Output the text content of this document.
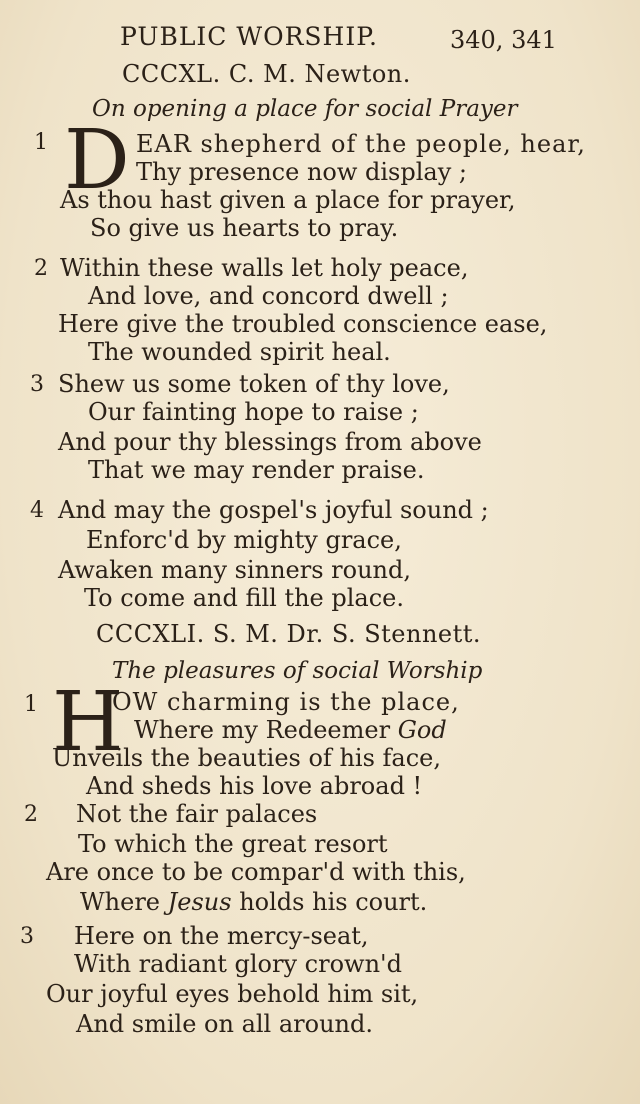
PUBLIC WORSHIP.	340, 341
CCCXL. C. M. Newton.
On opening a place for social Prayer
1 D EAR shepherd of the people, hear,
Thy presence now display ;
As thou hast given a place for prayer,
So give us hearts to pray.
2 Within these walls let holy peace,
And love, and concord dwell ;
Here give the troubled conscience ease,
The wounded spirit heal.
3 Shew us some token of thy love,
Our fainting hope to raise ;
And pour thy blessings from above
That we may render praise.
4 And may the gospel's joyful sound ;
Enforc'd by mighty grace,
Awaken many sinners round,
To come and fill the place.
CCCXLI. S. M. Dr. S. Stennett.
The pleasures of social Worship
1 H
OW charming is the place,
Where my Redeemer God
Unveils the beauties of his face,
And sheds his love abroad !
2 Not the fair palaces
To which the great resort
Are once to be compar'd with this,
Where Jesus holds his court.
3 Here on the mercy-seat,
With radiant glory crown'd
Our joyful eyes behold him sit,
And smile on all around.
